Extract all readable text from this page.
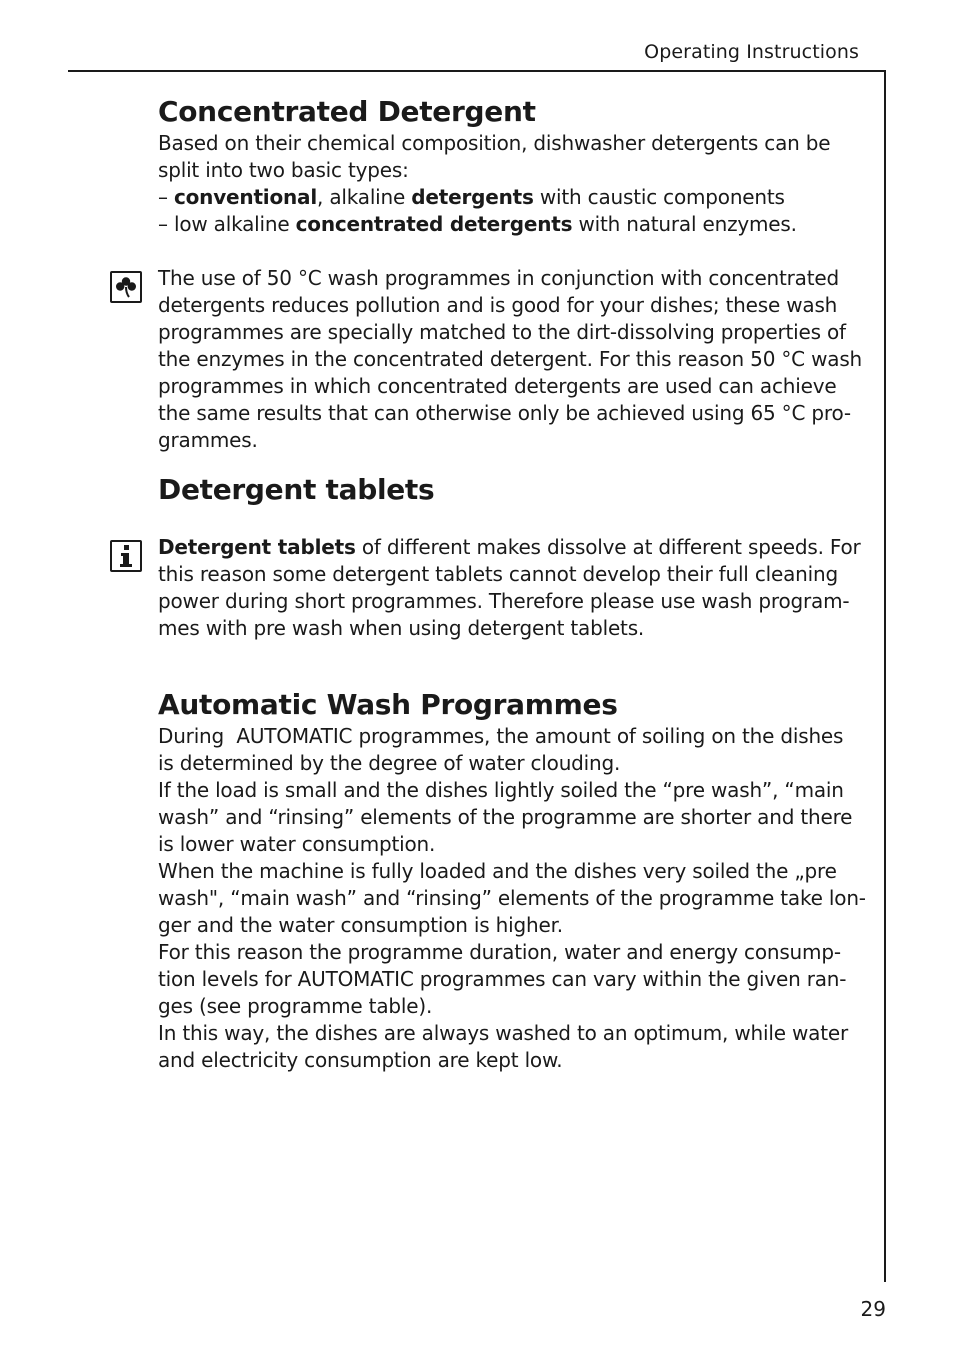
Operating Instructions
Concentrated Detergent
Based on their chemical composition, dishwasher detergents can be
split into two basic types:
– conventional, alkaline detergents with caustic components
– low alkaline concentrated detergents with natural enzymes.
The use of 50 °C wash programmes in conjunction with concentrated
detergents reduces pollution and is good for your dishes; these wash
programmes are specially matched to the dirt-dissolving properties of
the enzymes in the concentrated detergent. For this reason 50 °C wash
programmes in which concentrated detergents are used can achieve
the same results that can otherwise only be achieved using 65 °C pro-
grammes.
Detergent tablets
Detergent tablets of different makes dissolve at different speeds. For
this reason some detergent tablets cannot develop their full cleaning
power during short programmes. Therefore please use wash program-
mes with pre wash when using detergent tablets.
Automatic Wash Programmes
During  AUTOMATIC programmes, the amount of soiling on the dishes
is determined by the degree of water clouding.
If the load is small and the dishes lightly soiled the “pre wash”, “main
wash” and “rinsing” elements of the programme are shorter and there
is lower water consumption.
When the machine is fully loaded and the dishes very soiled the „pre
wash", “main wash” and “rinsing” elements of the programme take lon-
ger and the water consumption is higher.
For this reason the programme duration, water and energy consump-
tion levels for AUTOMATIC programmes can vary within the given ran-
ges (see programme table).
In this way, the dishes are always washed to an optimum, while water
and electricity consumption are kept low.
29
